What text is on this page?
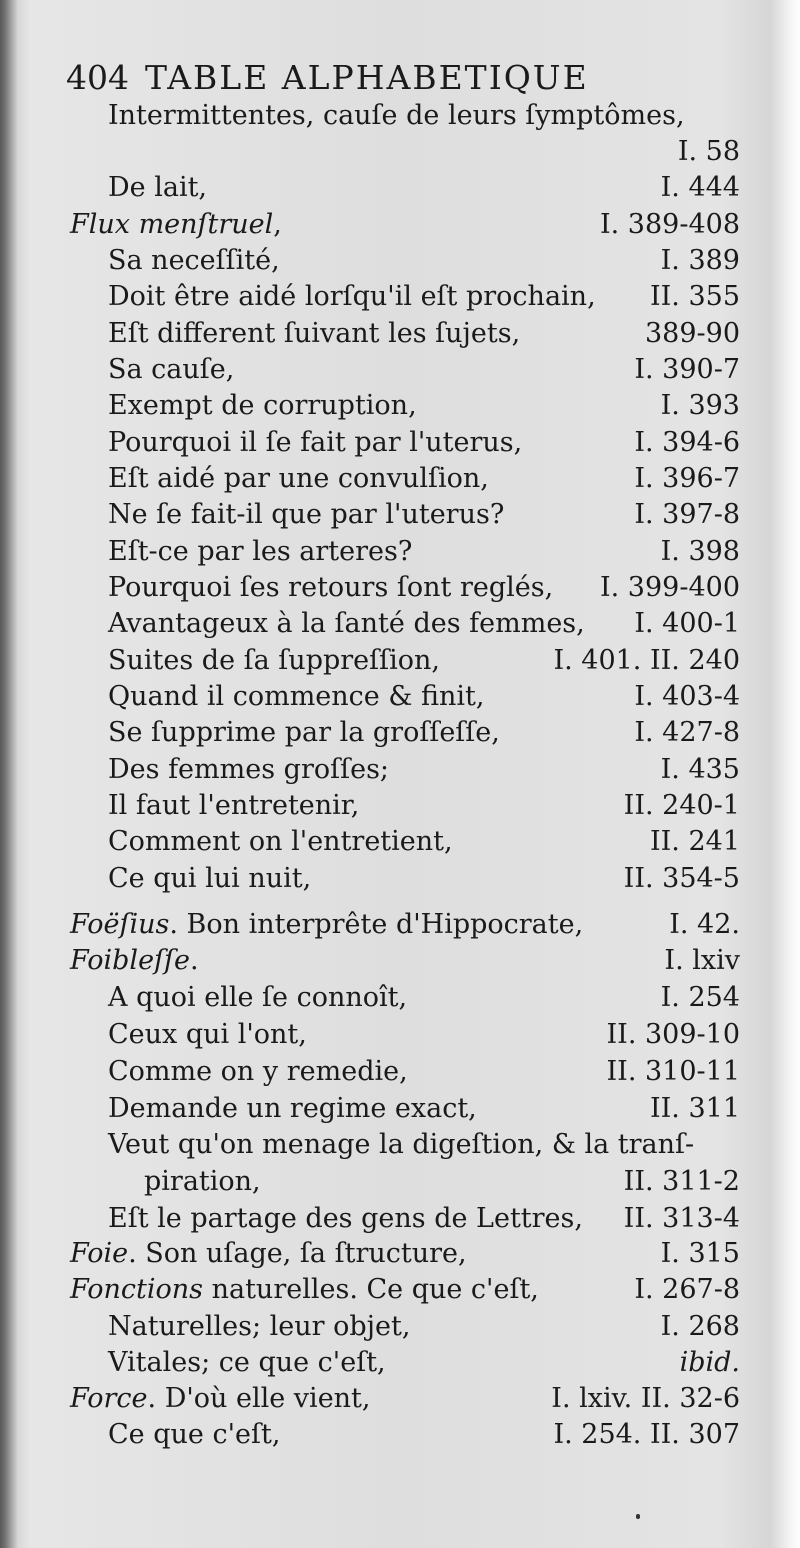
404 TABLE ALPHABETIQUE
Intermittentes, cauſe de leurs ſymptômes,
I. 58
De lait,	I. 444
Flux menſtruel,	I. 389-408
Sa neceſſité,	I. 389
Doit être aidé lorſqu'il eſt prochain, II. 355
Eſt different ſuivant les ſujets,	389-90
Sa cauſe,	I. 390-7
Exempt de corruption,	I. 393
Pourquoi il ſe fait par l'uterus,	I. 394-6
Eſt aidé par une convulſion,	I. 396-7
Ne ſe fait-il que par l'uterus?	I. 397-8
Eſt-ce par les arteres?	I. 398
Pourquoi ſes retours ſont reglés, I. 399-400
Avantageux à la ſanté des femmes, I. 400-1
Suites de ſa ſuppreſſion,	I. 401. II. 240
Quand il commence & finit,	I. 403-4
Se ſupprime par la groſſeſſe,	I. 427-8
Des femmes groſſes;	I. 435
Il faut l'entretenir,	II. 240-1
Comment on l'entretient,	II. 241
Ce qui lui nuit,	II. 354-5
Foëſius. Bon interprête d'Hippocrate,	I. 42.
Foibleſſe.	I. lxiv
A quoi elle ſe connoît,	I. 254
Ceux qui l'ont,	II. 309-10
Comme on y remedie,	II. 310-11
Demande un regime exact,	II. 311
Veut qu'on menage la digeſtion, & la tranſ-
piration,	II. 311-2
Eſt le partage des gens de Lettres, II. 313-4
Foie. Son uſage, ſa ſtructure,	I. 315
Fonctions naturelles. Ce que c'eſt,	I. 267-8
Naturelles; leur objet,	I. 268
Vitales; ce que c'eſt,	ibid.
Force. D'où elle vient,	I. lxiv. II. 32-6
Ce que c'eſt,	I. 254. II. 307
